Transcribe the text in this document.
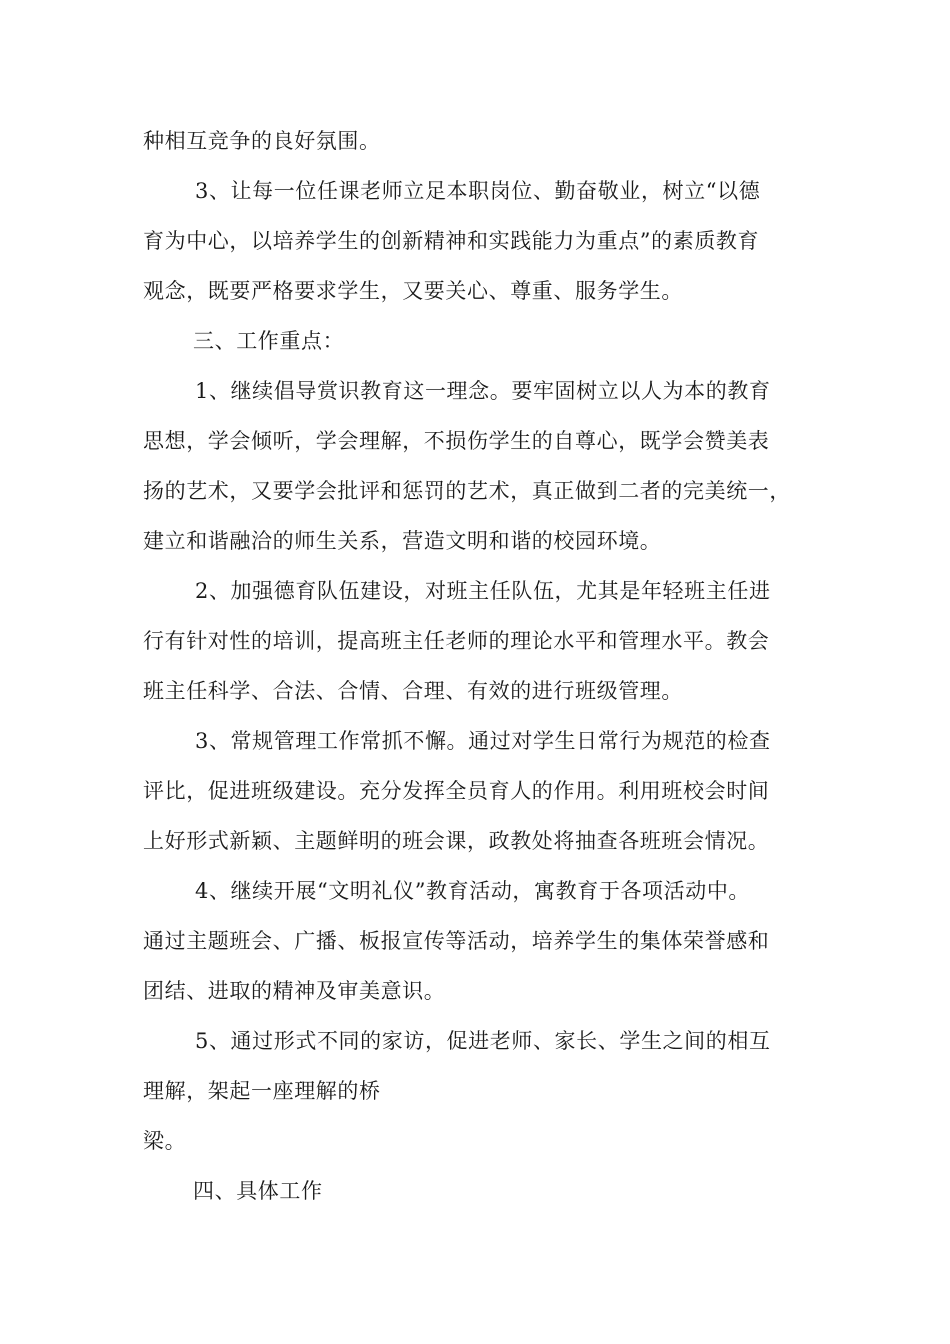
种相互竞争的良好氛围。
3、让每一位任课老师立足本职岗位、勤奋敬业，树立“以德
育为中心，以培养学生的创新精神和实践能力为重点”的素质教育
观念，既要严格要求学生，又要关心、尊重、服务学生。
三、工作重点：
1、继续倡导赏识教育这一理念。要牢固树立以人为本的教育
思想，学会倾听，学会理解，不损伤学生的自尊心，既学会赞美表
扬的艺术，又要学会批评和惩罚的艺术，真正做到二者的完美统一，
建立和谐融洽的师生关系，营造文明和谐的校园环境。
2、加强德育队伍建设，对班主任队伍，尤其是年轻班主任进
行有针对性的培训，提高班主任老师的理论水平和管理水平。教会
班主任科学、合法、合情、合理、有效的进行班级管理。
3、常规管理工作常抓不懈。通过对学生日常行为规范的检查
评比，促进班级建设。充分发挥全员育人的作用。利用班校会时间
上好形式新颖、主题鲜明的班会课，政教处将抽查各班班会情况。
4、继续开展“文明礼仪”教育活动，寓教育于各项活动中。
通过主题班会、广播、板报宣传等活动，培养学生的集体荣誉感和
团结、进取的精神及审美意识。
5、通过形式不同的家访，促进老师、家长、学生之间的相互
理解，架起一座理解的桥
梁。
四、具体工作
